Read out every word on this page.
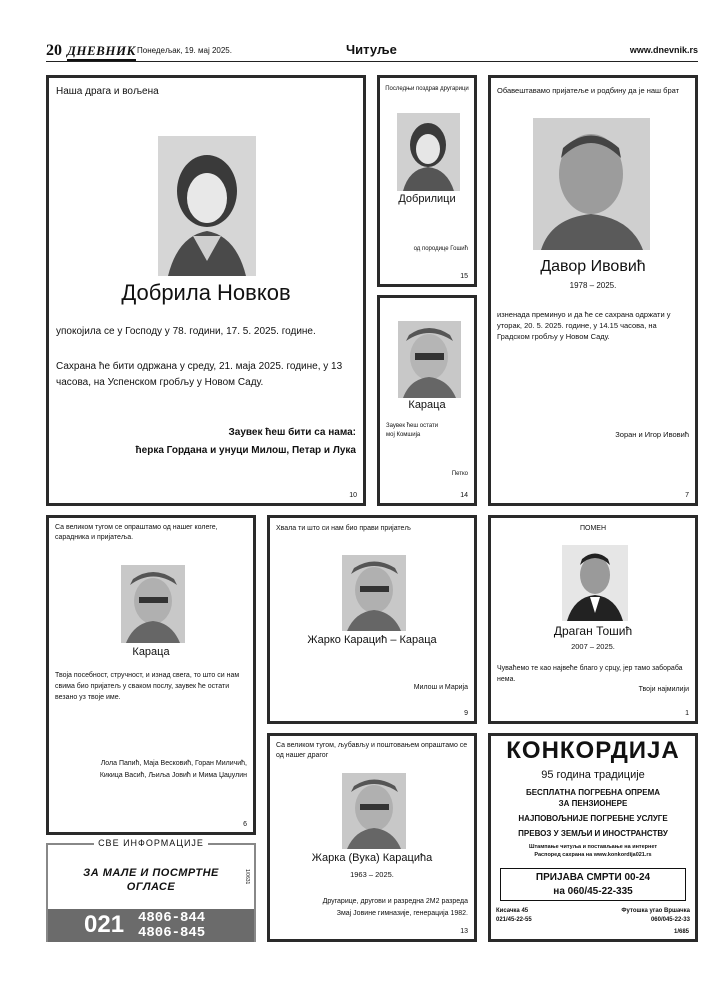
20 ДНЕВНИК Понедељак, 19. мај 2025.	Читуље	www.dnevnik.rs
Наша драга и вољена
Добрила Новков
упокојила се у Господу у 78. години, 17. 5. 2025. године.
Сахрана ће бити одржана у среду, 21. маја 2025. године, у 13 часова, на Успенском гробљу у Новом Саду.
Заувек ћеш бити са нама:
ћерка Гордана и унуци Милош, Петар и Лука
10
Последњи поздрав другарици
Добрилици
од породице Гошић
15
Обавештавамо пријатеље и родбину да је наш брат
Давор Ивовић
1978 – 2025.
изненада преминуо и да ће се сахрана одржати у уторак, 20. 5. 2025. године, у 14.15 часова, на Градском гробљу у Новом Саду.
Зоран и Игор Ивовић
7
Караца
Заувек ћеш остати мој Комшија
Петко
14
Са великом тугом се опраштамо од нашег колеге, сарадника и пријатеља.
Караца
Твоја посебност, стручност, и изнад свега, то што си нам свима био пријатељ у сваком послу, заувек ће остати везано уз твоје име.
Лола Папић, Маја Весковић, Горан Миличић,
Кикица Васић, Љиља Јовић и Мима Џаџулин
6
Хвала ти што си нам био прави пријатељ
Жарко Карацић – Караца
Милош и Марија
9
ПОМЕН
Драган Тошић
2007 – 2025.
Чуваћемо те као највеће благо у срцу, јер тамо забораба нема.
Твоји најмилији
1
Са великом тугом, љубављу и поштовањем опраштамо се од нашег драгог
Жарка (Вука) Карацића
1963 – 2025.
Другарице, другови и разредна 2М2 разреда
Змај Јовине гимназије, генерација 1982.
13
СВЕ ИНФОРМАЦИЈЕ
ЗА МАЛЕ И ПОСМРТНЕ
ОГЛАСЕ
1/0631
021 4806-844
4806-845
КОНКОРДИЈА
95 година традиције
БЕСПЛАТНА ПОГРЕБНА ОПРЕМА
ЗА ПЕНЗИОНЕРЕ
НАЈПОВОЉНИЈЕ ПОГРЕБНЕ УСЛУГЕ
ПРЕВОЗ У ЗЕМЉИ И ИНОСТРАНСТВУ
Штампање читуља и постављање на интернет
Распоред сахрана на www.konkordija021.rs
ПРИЈАВА СМРТИ 00-24
на 060/45-22-335
Кисачка 45
021/45-22-55
Футошка угао Вршачка
060/045-22-33
1/685
